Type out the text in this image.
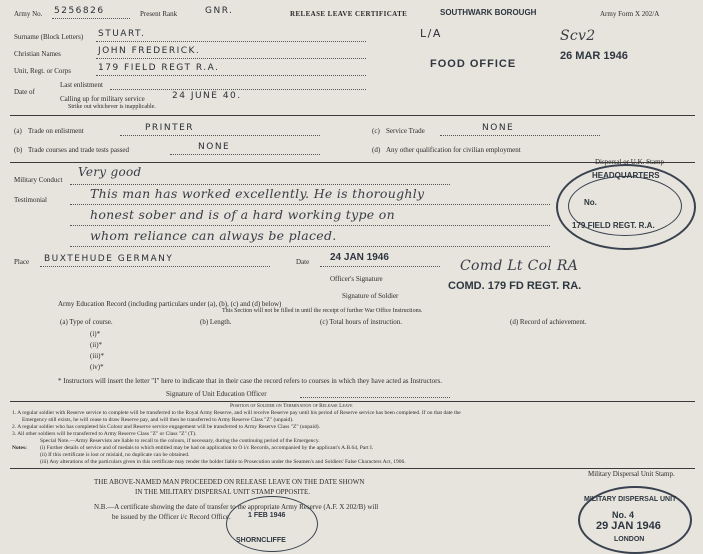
Army No. 5256826	Present Rank	GNR.	RELEASE LEAVE CERTIFICATE	SOUTHWARK BOROUGH	Army Form X 202/A
Surname (Block Letters) STUART.	L/A
Christian Names	JOHN FREDERICK.
Unit, Regt. or Corps	179 FIELD REGT R.A.
Date of
Last enlistment
Calling up for military service	24 JUNE 40.
Strike out whichever is inapplicable.
FOOD OFFICE
Scv2
26 MAR 1946
(a) Trade on enlistment	PRINTER
(b) Trade courses and trade tests passed	NONE
(c) Service Trade	NONE
(d) Any other qualification for civilian employment
Military Conduct
Very good
Testimonial	This man has worked excellently. He is thoroughly
honest sober and is of a hard working type on
whom reliance can always be placed.
HEADQUARTERS
No.
179 FIELD REGT. R.A.
Dispersal or U.K. Stamp
Place BUXTEHUDE GERMANY	Date 24 JAN 1946
Officer's Signature
Comd Lt Col RA
Signature of Soldier
COMD. 179 FD REGT. RA.
Army Education Record (including particulars under (a), (b), (c) and (d) below)
This Section will not be filled in until the receipt of further War Office Instructions.
(a) Type of course.	(b) Length.	(c) Total hours of instruction.	(d) Record of achievement.
(i)*
(ii)*
(iii)*
(iv)*
* Instructors will insert the letter "I" here to indicate that in their case the record refers to courses in which they have acted as Instructors.
Signature of Unit Education Officer
Position of Soldier on Termination of Release Leave
1. A regular soldier with Reserve service to complete will be transferred to the Royal Army Reserve, and will receive Reserve pay until his period of Reserve service has been completed. If on that date the
Emergency still exists, he will cease to draw Reserve pay, and will then be transferred to Army Reserve Class "Z" (unpaid).
2. A regular soldier who has completed his Colour and Reserve service engagement will be transferred to Army Reserve Class "Z" (unpaid).
3. All other soldiers will be transferred to Army Reserve Class "Z" or Class "Z" (T).
Special Note.—Army Reservists are liable to recall to the colours, if necessary, during the continuing period of the Emergency.
Notes: (i) Further details of service and of medals to which entitled may be had on application to O i/c Records, accompanied by the applicant's A.B.64, Part I.
(ii) If this certificate is lost or mislaid, no duplicate can be obtained.
(iii) Any alterations of the particulars given in this certificate may render the holder liable to Prosecution under the Seamen's and Soldiers' False Characters Act, 1906.
THE ABOVE-NAMED MAN PROCEEDED ON RELEASE LEAVE ON THE DATE SHOWN
IN THE MILITARY DISPERSAL UNIT STAMP OPPOSITE.
N.B.—A certificate showing the date of transfer to the appropriate Army Reserve (A.F. X 202/B) will
be issued by the Officer i/c Record Office.
Military Dispersal Unit Stamp.
MILITARY DISPERSAL UNIT
No. 4
29 JAN 1946
LONDON
1 FEB 1946
SHORNCLIFFE
